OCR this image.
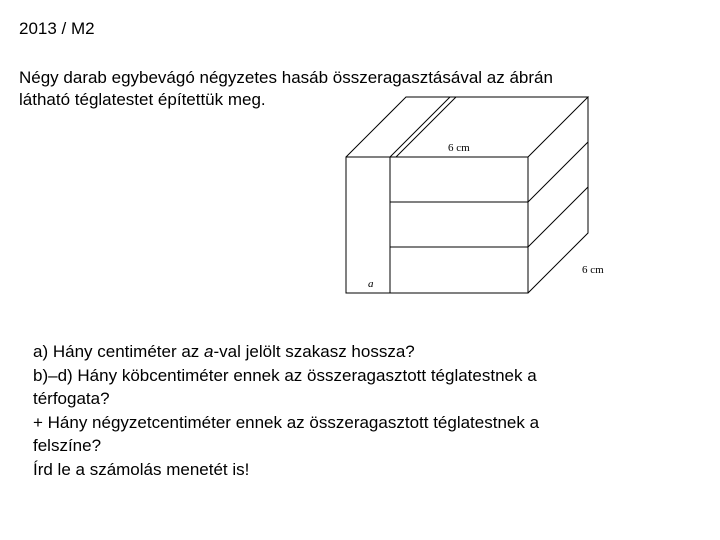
2013 / M2
Négy darab egybevágó négyzetes hasáb összeragasztásával az ábrán
látható téglatestet építettük meg.
6 cm
6 cm
a
a) Hány centiméter az a-val jelölt szakasz hossza?
b)–d) Hány köbcentiméter ennek az összeragasztott téglatestnek a
térfogata?
+ Hány négyzetcentiméter ennek az összeragasztott téglatestnek a
felszíne?
Írd le a számolás menetét is!
